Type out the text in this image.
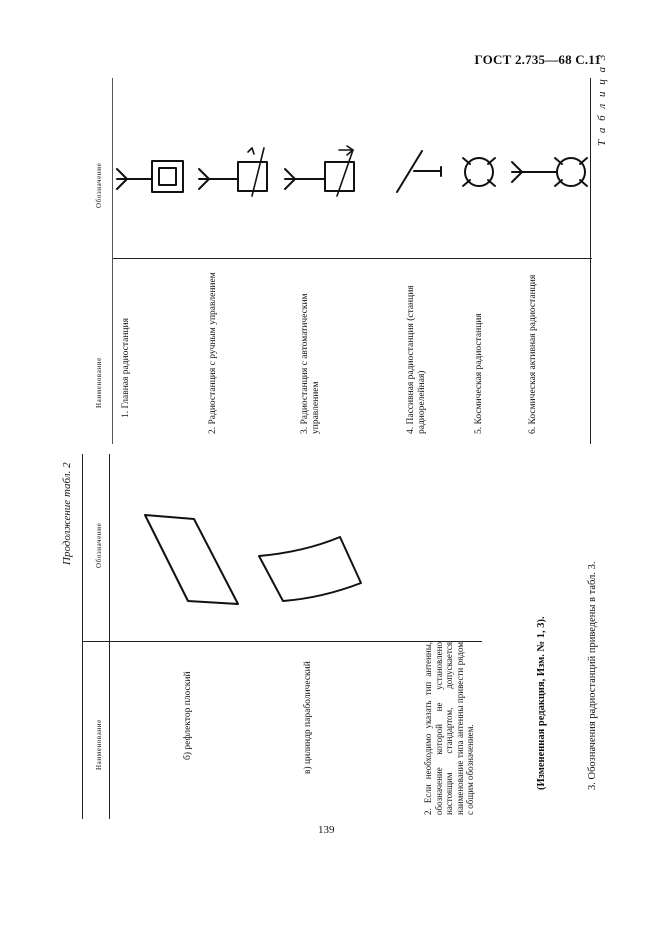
ГОСТ 2.735—68 С.11
Т а б л и ц а 3
Наименование
Обозначение
1. Главная радиостанция	2. Радиостанция с ручным управлением	3. Радиостанция с автоматическим управлением	4. Пассивная радиостанция (станция радиорелейная)	5. Космическая радиостанция	6. Космическая активная радиостанция
Продолжение табл. 2
Наименование
Обозначение
б) рефлектор плоский	в) цилиндр параболический	2. Если необходимо указать тип антенны, обозначение которой не установлено настоящим стандартом, допускается наименование типа антенны привести рядом с общим обозначением.	(Измененная редакция, Изм. № 1, 3).	3. Обозначения радиостанций приведены в табл. 3.
139
